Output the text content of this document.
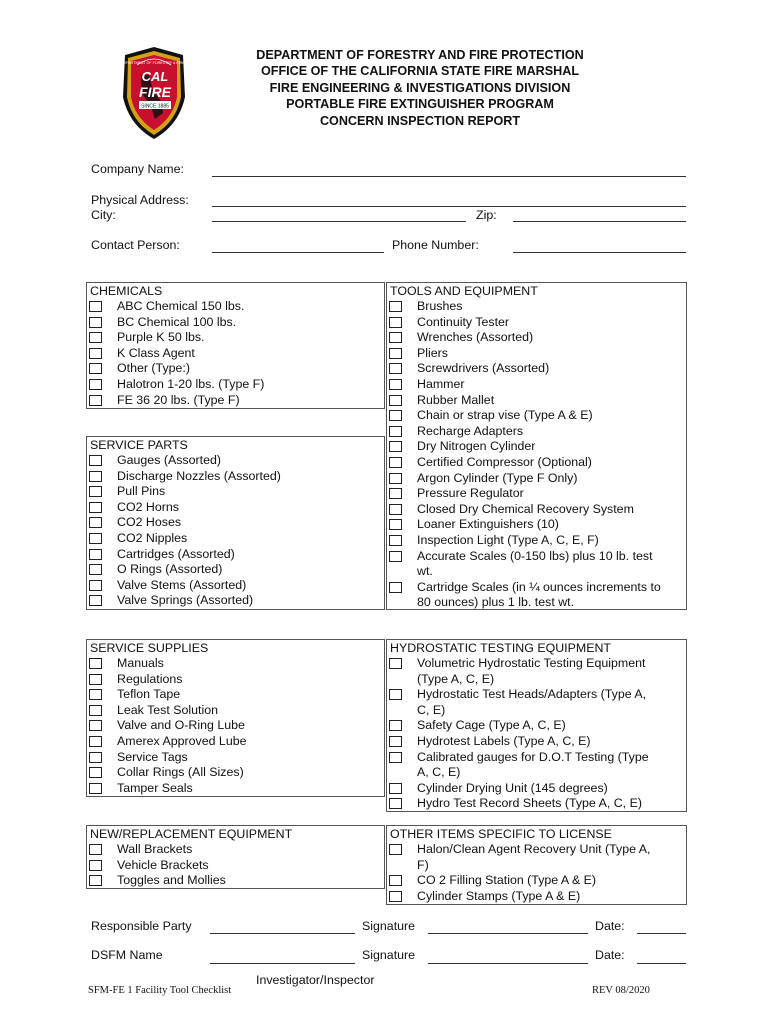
CALIFORNIA DEPARTMENT OF FORESTRY & FIRE PROTECTION
CAL
FIRE
SINCE 1885
DEPARTMENT OF FORESTRY AND FIRE PROTECTION
OFFICE OF THE CALIFORNIA STATE FIRE MARSHAL
FIRE ENGINEERING & INVESTIGATIONS DIVISION
PORTABLE FIRE EXTINGUISHER PROGRAM
CONCERN INSPECTION REPORT
Company Name:
Physical Address:
City:	Zip:
Contact Person:	Phone Number:
CHEMICALS
ABC Chemical 150 lbs.
BC Chemical 100 lbs.
Purple K 50 lbs.
K Class Agent
Other (Type:)
Halotron 1-20 lbs. (Type F)
FE 36 20 lbs. (Type F)
SERVICE PARTS
Gauges (Assorted)
Discharge Nozzles (Assorted)
Pull Pins
CO2 Horns
CO2 Hoses
CO2 Nipples
Cartridges (Assorted)
O Rings (Assorted)
Valve Stems (Assorted)
Valve Springs (Assorted)
TOOLS AND EQUIPMENT
Brushes
Continuity Tester
Wrenches (Assorted)
Pliers
Screwdrivers (Assorted)
Hammer
Rubber Mallet
Chain or strap vise (Type A & E)
Recharge Adapters
Dry Nitrogen Cylinder
Certified Compressor (Optional)
Argon Cylinder (Type F Only)
Pressure Regulator
Closed Dry Chemical Recovery System
Loaner Extinguishers (10)
Inspection Light (Type A, C, E, F)
Accurate Scales (0-150 lbs) plus 10 lb. test
wt.
Cartridge Scales (in ¼ ounces increments to
80 ounces) plus 1 lb. test wt.
SERVICE SUPPLIES
Manuals
Regulations
Teflon Tape
Leak Test Solution
Valve and O-Ring Lube
Amerex Approved Lube
Service Tags
Collar Rings (All Sizes)
Tamper Seals
HYDROSTATIC TESTING EQUIPMENT
Volumetric Hydrostatic Testing Equipment
(Type A, C, E)
Hydrostatic Test Heads/Adapters (Type A,
C, E)
Safety Cage (Type A, C, E)
Hydrotest Labels (Type A, C, E)
Calibrated gauges for D.O.T Testing (Type
A, C, E)
Cylinder Drying Unit (145 degrees)
Hydro Test Record Sheets (Type A, C, E)
NEW/REPLACEMENT EQUIPMENT
Wall Brackets
Vehicle Brackets
Toggles and Mollies
OTHER ITEMS SPECIFIC TO LICENSE
Halon/Clean Agent Recovery Unit (Type A,
F)
CO 2 Filling Station (Type A & E)
Cylinder Stamps (Type A & E)
Responsible Party	Signature	Date:
DSFM Name	Signature	Date:
Investigator/Inspector
SFM-FE 1 Facility Tool Checklist	REV 08/2020
